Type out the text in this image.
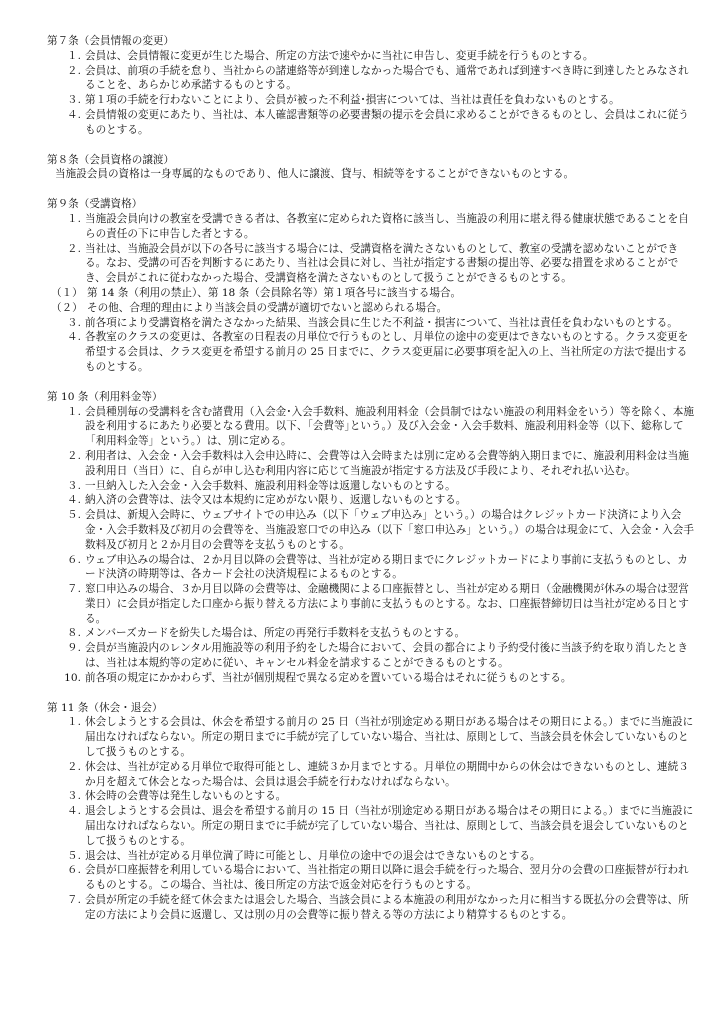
第７条（会員情報の変更）

１. 会員は、会員情報に変更が生じた場合、所定の方法で速やかに当社に申告し、変更手続を行うものとする。

２. 会員は、前項の手続を怠り、当社からの諸連絡等が到達しなかった場合でも、通常であれば到達すべき時に到達したとみなされることを、あらかじめ承諾するものとする。

３. 第１項の手続を行わないことにより、会員が被った不利益･損害については、当社は責任を負わないものとする。

４. 会員情報の変更にあたり、当社は、本人確認書類等の必要書類の提示を会員に求めることができるものとし、会員はこれに従うものとする。

第８条（会員資格の譲渡）

当施設会員の資格は一身専属的なものであり、他人に譲渡、貸与、相続等をすることができないものとする。

第９条（受講資格）

１. 当施設会員向けの教室を受講できる者は、各教室に定められた資格に該当し、当施設の利用に堪え得る健康状態であることを自らの責任の下に申告した者とする。

２. 当社は、当施設会員が以下の各号に該当する場合には、受講資格を満たさないものとして、教室の受講を認めないことができる。なお、受講の可否を判断するにあたり、当社は会員に対し、当社が指定する書類の提出等、必要な措置を求めることができ、会員がこれに従わなかった場合、受講資格を満たさないものとして扱うことができるものとする。

（１） 第 14 条（利用の禁止）、第 18 条（会員除名等）第１項各号に該当する場合。

（２） その他、合理的理由により当該会員の受講が適切でないと認められる場合。

３. 前各項により受講資格を満たさなかった結果、当該会員に生じた不利益・損害について、当社は責任を負わないものとする。

４. 各教室のクラスの変更は、各教室の日程表の月単位で行うものとし、月単位の途中の変更はできないものとする。クラス変更を希望する会員は、クラス変更を希望する前月の 25 日までに、クラス変更届に必要事項を記入の上、当社所定の方法で提出するものとする。

第 10 条（利用料金等）

１. 会員種別毎の受講料を含む諸費用（入会金･入会手数料、施設利用料金（会員制ではない施設の利用料金をいう）等を除く、本施設を利用するにあたり必要となる費用。以下、｢会費等｣という。）及び入会金・入会手数料、施設利用料金等（以下、総称して「利用料金等」という。）は、別に定める。

２. 利用者は、入会金・入会手数料は入会申込時に、会費等は入会時または別に定める会費等納入期日までに、施設利用料金は当施設利用日（当日）に、自らが申し込む利用内容に応じて当施設が指定する方法及び手段により、それぞれ払い込む。

３. 一旦納入した入会金・入会手数料、施設利用料金等は返還しないものとする。

４. 納入済の会費等は、法令又は本規約に定めがない限り、返還しないものとする。

５. 会員は、新規入会時に、ウェブサイトでの申込み（以下「ウェブ申込み」という。）の場合はクレジットカード決済により入会金・入会手数料及び初月の会費等を、当施設窓口での申込み（以下「窓口申込み」という。）の場合は現金にて、入会金・入会手数料及び初月と２か月目の会費等を支払うものとする。

６. ウェブ申込みの場合は、２か月目以降の会費等は、当社が定める期日までにクレジットカードにより事前に支払うものとし、カード決済の時期等は、各カード会社の決済規程によるものとする。

７. 窓口申込みの場合、３か月目以降の会費等は、金融機関による口座振替とし、当社が定める期日（金融機関が休みの場合は翌営業日）に会員が指定した口座から振り替える方法により事前に支払うものとする。なお、口座振替締切日は当社が定める日とする。

８. メンバーズカードを紛失した場合は、所定の再発行手数料を支払うものとする。

９. 会員が当施設内のレンタル用施設等の利用予約をした場合において、会員の都合により予約受付後に当該予約を取り消したときは、当社は本規約等の定めに従い、キャンセル料金を請求することができるものとする。

10. 前各項の規定にかかわらず、当社が個別規程で異なる定めを置いている場合はそれに従うものとする。

第 11 条（休会・退会）

１. 休会しようとする会員は、休会を希望する前月の 25 日（当社が別途定める期日がある場合はその期日による。）までに当施設に届出なければならない。所定の期日までに手続が完了していない場合、当社は、原則として、当該会員を休会していないものとして扱うものとする。

２. 休会は、当社が定める月単位で取得可能とし、連続３か月までとする。月単位の期間中からの休会はできないものとし、連続３か月を超えて休会となった場合は、会員は退会手続を行わなければならない。

３. 休会時の会費等は発生しないものとする。

４. 退会しようとする会員は、退会を希望する前月の 15 日（当社が別途定める期日がある場合はその期日による。）までに当施設に届出なければならない。所定の期日までに手続が完了していない場合、当社は、原則として、当該会員を退会していないものとして扱うものとする。

５. 退会は、当社が定める月単位満了時に可能とし、月単位の途中での退会はできないものとする。

６. 会員が口座振替を利用している場合において、当社指定の期日以降に退会手続を行った場合、翌月分の会費の口座振替が行われるものとする。この場合、当社は、後日所定の方法で返金対応を行うものとする。

７. 会員が所定の手続を経て休会または退会した場合、当該会員による本施設の利用がなかった月に相当する既払分の会費等は、所定の方法により会員に返還し、又は別の月の会費等に振り替える等の方法により精算するものとする。
